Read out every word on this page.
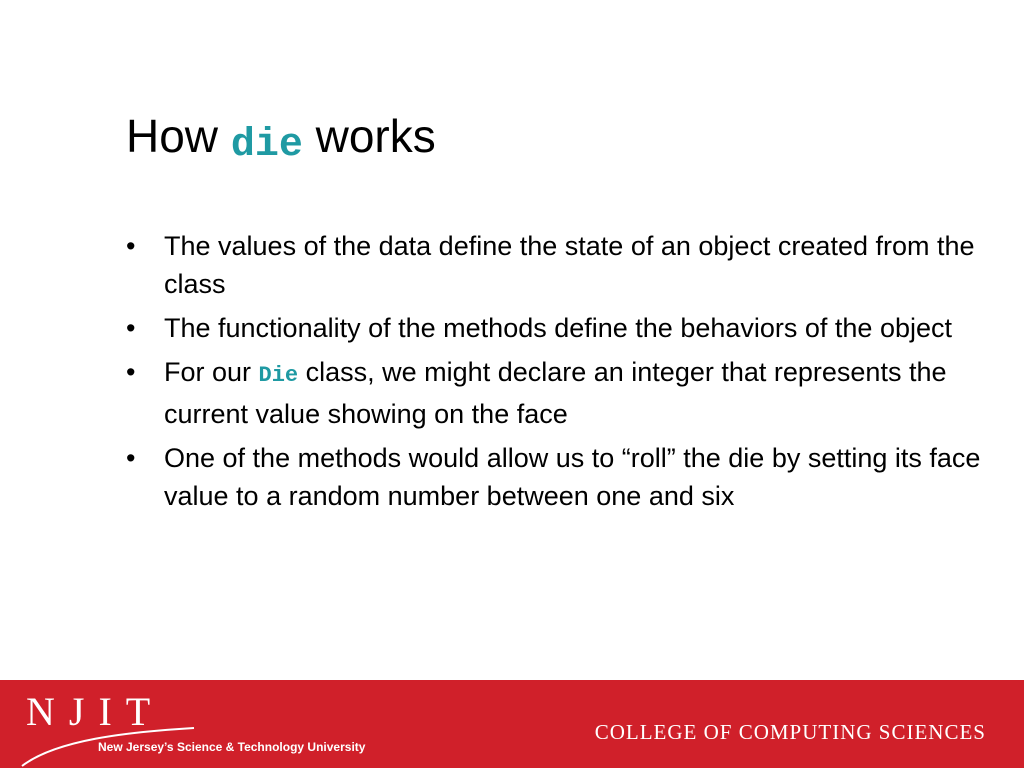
How die works
• The values of the data define the state of an object created from the class
• The functionality of the methods define the behaviors of the object
• For our Die class, we might declare an integer that represents the current value showing on the face
• One of the methods would allow us to “roll” the die by setting its face value to a random number between one and six
NJIT
New Jersey’s Science & Technology University
COLLEGE OF COMPUTING SCIENCES
